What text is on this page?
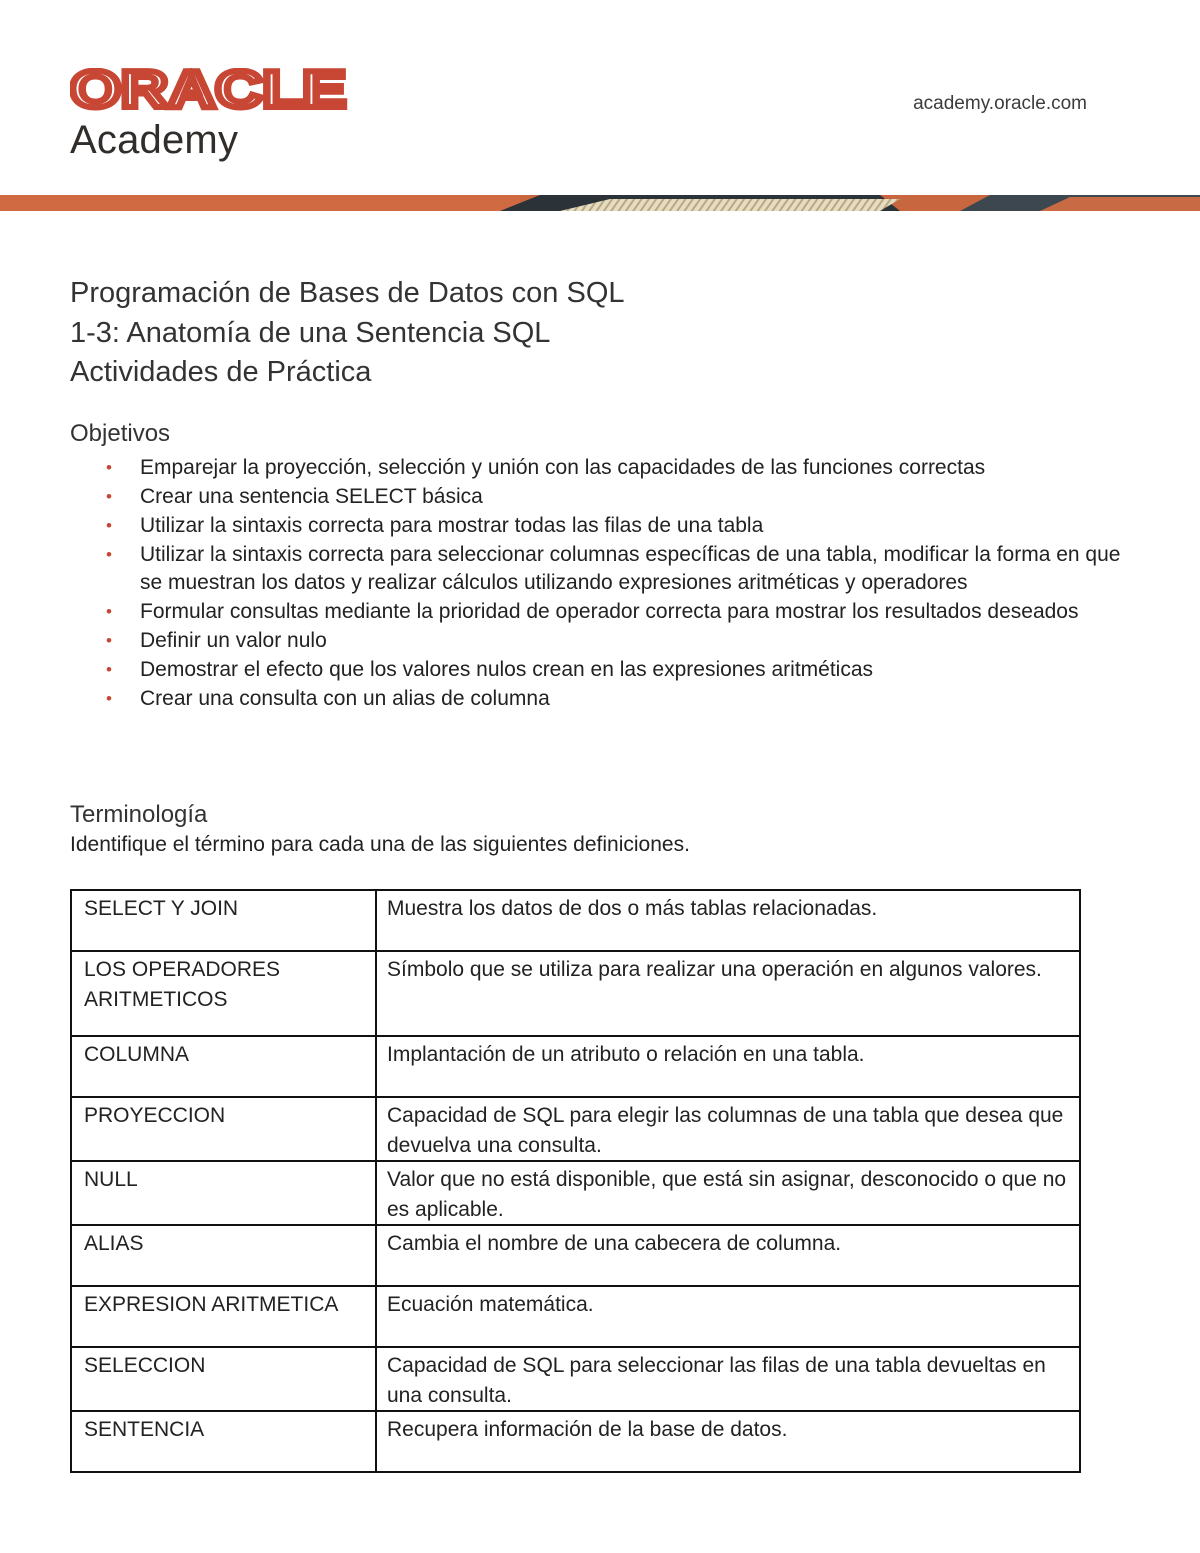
ORACLE
Academy
academy.oracle.com
Programación de Bases de Datos con SQL
1-3: Anatomía de una Sentencia SQL
Actividades de Práctica
Objetivos
• Emparejar la proyección, selección y unión con las capacidades de las funciones correctas
• Crear una sentencia SELECT básica
• Utilizar la sintaxis correcta para mostrar todas las filas de una tabla
• Utilizar la sintaxis correcta para seleccionar columnas específicas de una tabla, modificar la forma en que se muestran los datos y realizar cálculos utilizando expresiones aritméticas y operadores
• Formular consultas mediante la prioridad de operador correcta para mostrar los resultados deseados
• Definir un valor nulo
• Demostrar el efecto que los valores nulos crean en las expresiones aritméticas
• Crear una consulta con un alias de columna
Terminología
Identifique el término para cada una de las siguientes definiciones.
SELECT Y JOIN	Muestra los datos de dos o más tablas relacionadas.
LOS OPERADORES ARITMETICOS	Símbolo que se utiliza para realizar una operación en algunos valores.
COLUMNA	Implantación de un atributo o relación en una tabla.
PROYECCION	Capacidad de SQL para elegir las columnas de una tabla que desea que devuelva una consulta.
NULL	Valor que no está disponible, que está sin asignar, desconocido o que no es aplicable.
ALIAS	Cambia el nombre de una cabecera de columna.
EXPRESION ARITMETICA	Ecuación matemática.
SELECCION	Capacidad de SQL para seleccionar las filas de una tabla devueltas en una consulta.
SENTENCIA	Recupera información de la base de datos.
